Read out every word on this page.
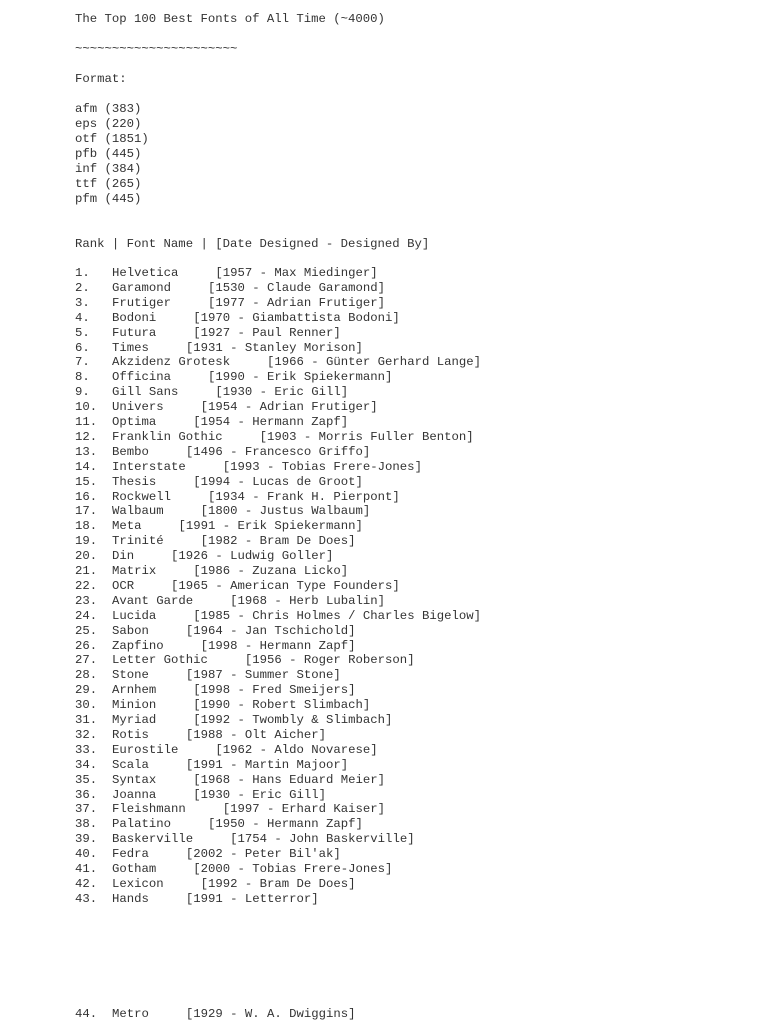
The Top 100 Best Fonts of All Time (~4000)
~~~~~~~~~~~~~~~~~~~~~~
Format:
afm (383)
eps (220)
otf (1851)
pfb (445)
inf (384)
ttf (265)
pfm (445)
Rank | Font Name | [Date Designed - Designed By]
1. Helvetica	[1957 - Max Miedinger]
2. Garamond	[1530 - Claude Garamond]
3. Frutiger	[1977 - Adrian Frutiger]
4. Bodoni	[1970 - Giambattista Bodoni]
5. Futura	[1927 - Paul Renner]
6. Times	[1931 - Stanley Morison]
7. Akzidenz Grotesk	[1966 - Günter Gerhard Lange]
8. Officina	[1990 - Erik Spiekermann]
9. Gill Sans	[1930 - Eric Gill]
10. Univers	[1954 - Adrian Frutiger]
11. Optima	[1954 - Hermann Zapf]
12. Franklin Gothic	[1903 - Morris Fuller Benton]
13. Bembo	[1496 - Francesco Griffo]
14. Interstate	[1993 - Tobias Frere-Jones]
15. Thesis	[1994 - Lucas de Groot]
16. Rockwell	[1934 - Frank H. Pierpont]
17. Walbaum	[1800 - Justus Walbaum]
18. Meta	[1991 - Erik Spiekermann]
19. Trinité	[1982 - Bram De Does]
20. Din	[1926 - Ludwig Goller]
21. Matrix	[1986 - Zuzana Licko]
22. OCR	[1965 - American Type Founders]
23. Avant Garde	[1968 - Herb Lubalin]
24. Lucida	[1985 - Chris Holmes / Charles Bigelow]
25. Sabon	[1964 - Jan Tschichold]
26. Zapfino	[1998 - Hermann Zapf]
27. Letter Gothic	[1956 - Roger Roberson]
28. Stone	[1987 - Summer Stone]
29. Arnhem	[1998 - Fred Smeijers]
30. Minion	[1990 - Robert Slimbach]
31. Myriad	[1992 - Twombly & Slimbach]
32. Rotis	[1988 - Olt Aicher]
33. Eurostile	[1962 - Aldo Novarese]
34. Scala	[1991 - Martin Majoor]
35. Syntax	[1968 - Hans Eduard Meier]
36. Joanna	[1930 - Eric Gill]
37. Fleishmann	[1997 - Erhard Kaiser]
38. Palatino	[1950 - Hermann Zapf]
39. Baskerville	[1754 - John Baskerville]
40. Fedra	[2002 - Peter Bil'ak]
41. Gotham	[2000 - Tobias Frere-Jones]
42. Lexicon	[1992 - Bram De Does]
43. Hands	[1991 - Letterror]
44. Metro	[1929 - W. A. Dwiggins]
